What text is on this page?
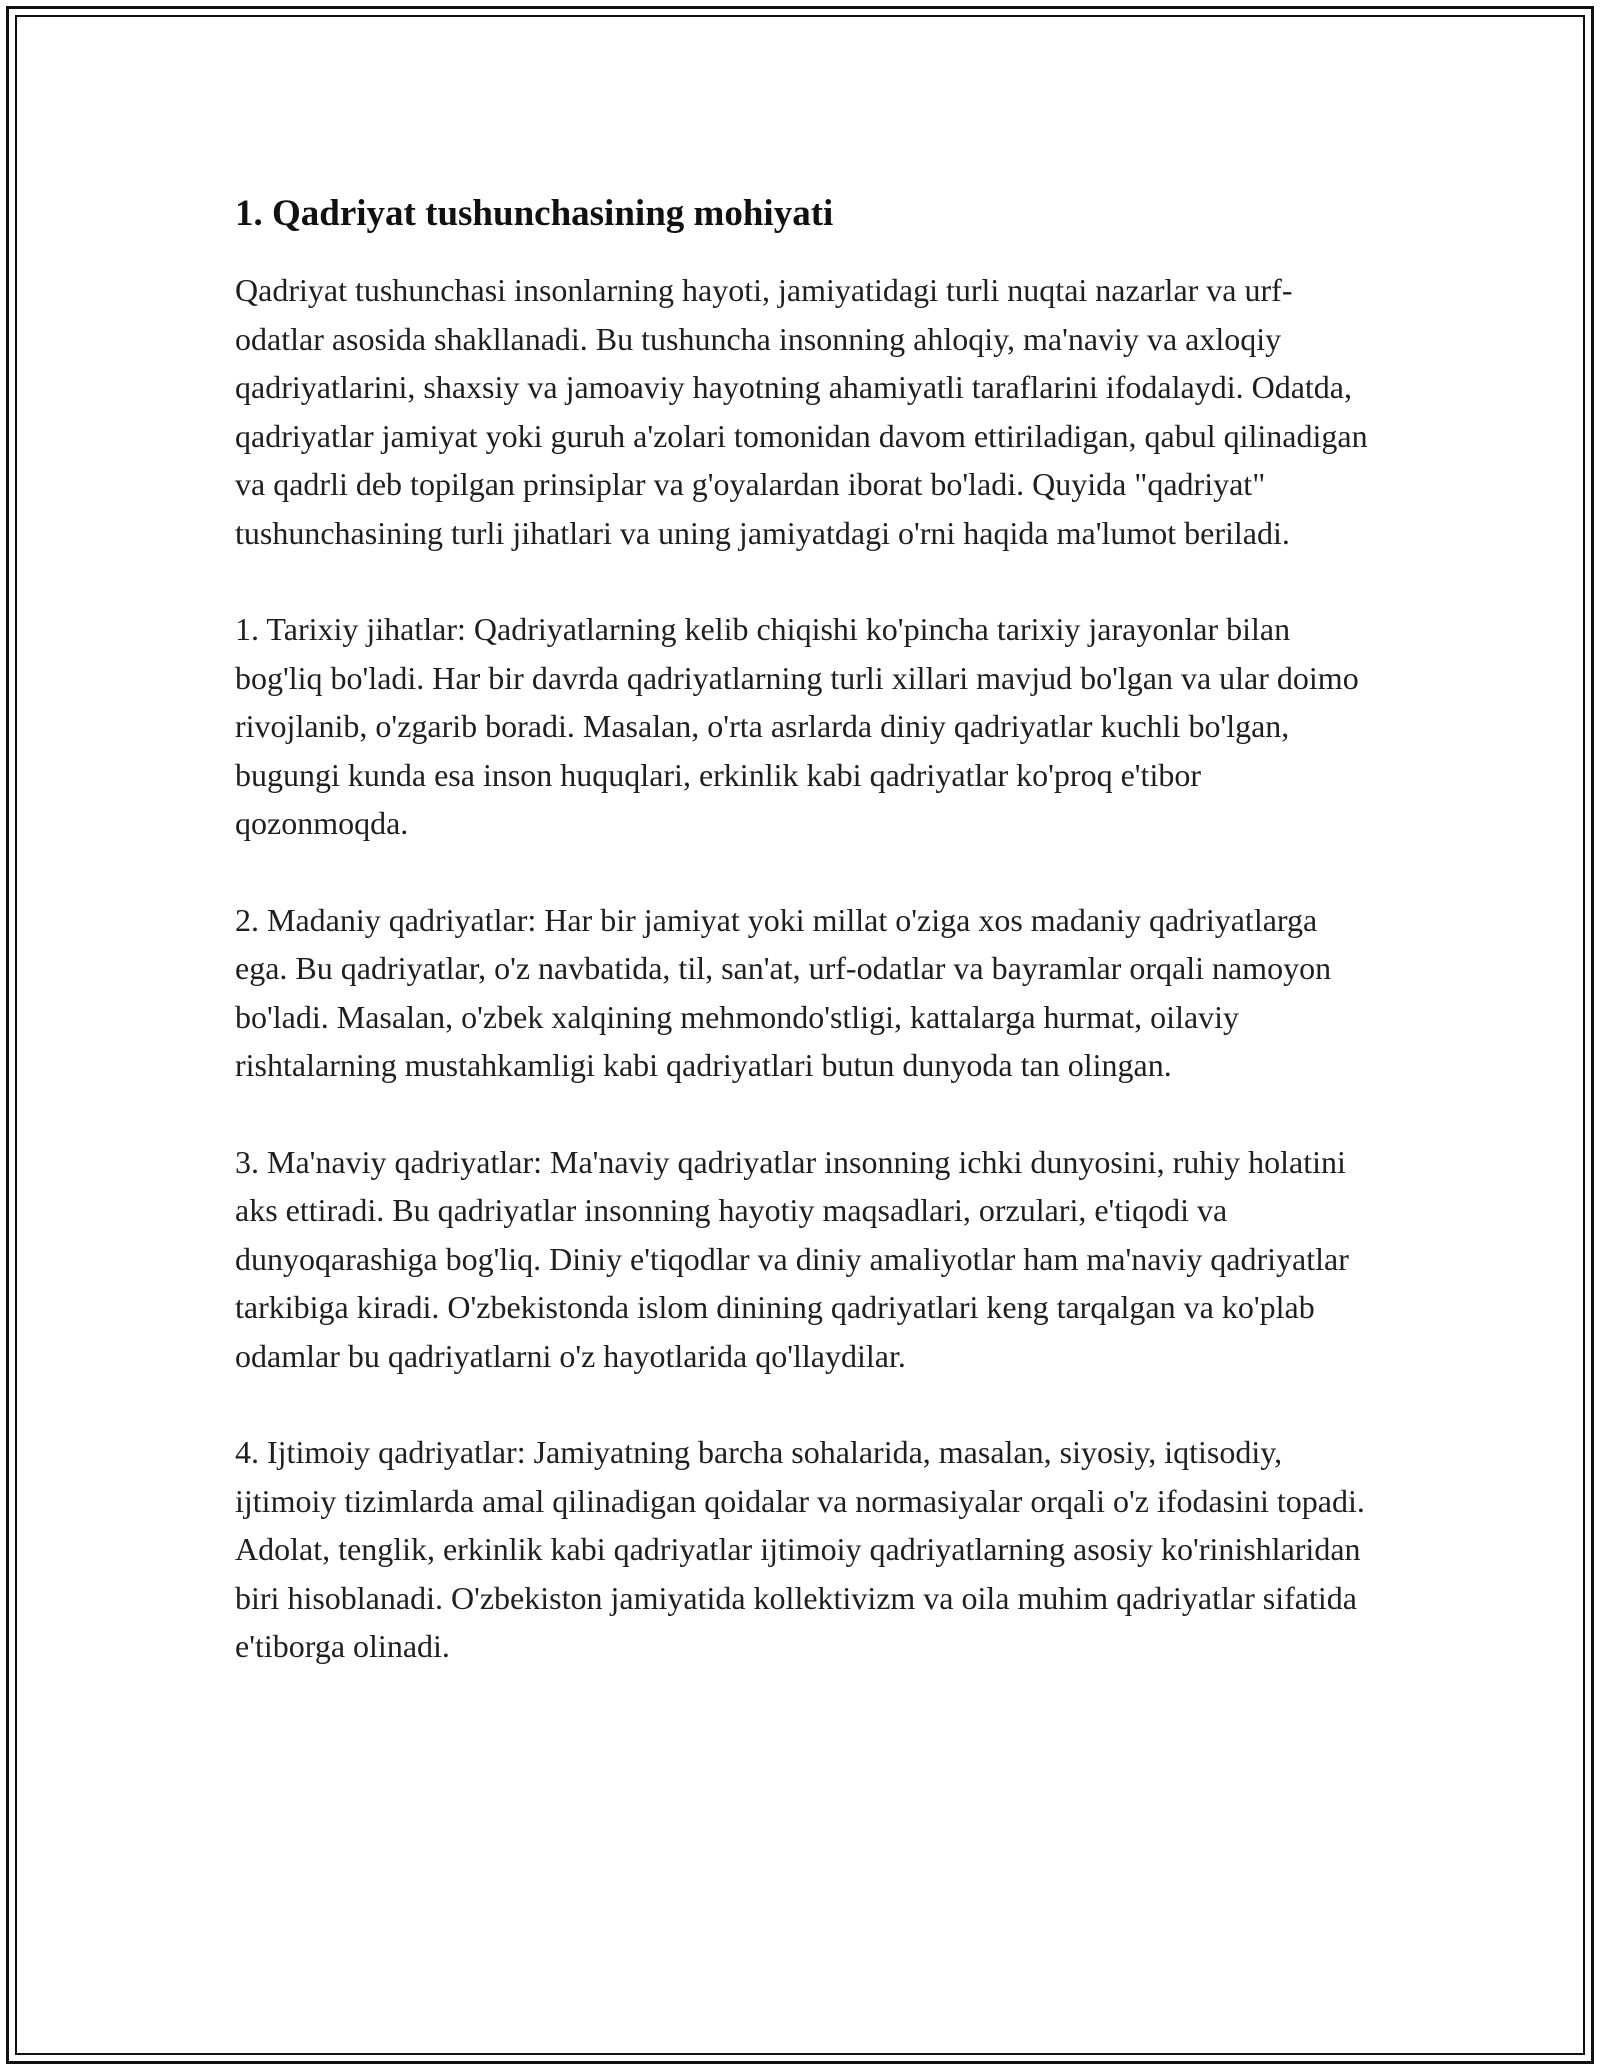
1. Qadriyat tushunchasining mohiyati

Qadriyat tushunchasi insonlarning hayoti, jamiyatidagi turli nuqtai nazarlar va urf-odatlar asosida shakllanadi. Bu tushuncha insonning ahloqiy, ma'naviy va axloqiy qadriyatlarini, shaxsiy va jamoaviy hayotning ahamiyatli taraflarini ifodalaydi. Odatda, qadriyatlar jamiyat yoki guruh a'zolari tomonidan davom ettiriladigan, qabul qilinadigan va qadrli deb topilgan prinsiplar va g'oyalardan iborat bo'ladi. Quyida "qadriyat" tushunchasining turli jihatlari va uning jamiyatdagi o'rni haqida ma'lumot beriladi.

1. Tarixiy jihatlar: Qadriyatlarning kelib chiqishi ko'pincha tarixiy jarayonlar bilan bog'liq bo'ladi. Har bir davrda qadriyatlarning turli xillari mavjud bo'lgan va ular doimo rivojlanib, o'zgarib boradi. Masalan, o'rta asrlarda diniy qadriyatlar kuchli bo'lgan, bugungi kunda esa inson huquqlari, erkinlik kabi qadriyatlar ko'proq e'tibor qozonmoqda.

2. Madaniy qadriyatlar: Har bir jamiyat yoki millat o'ziga xos madaniy qadriyatlarga ega. Bu qadriyatlar, o'z navbatida, til, san'at, urf-odatlar va bayramlar orqali namoyon bo'ladi. Masalan, o'zbek xalqining mehmondo'stligi, kattalarga hurmat, oilaviy rishtalarning mustahkamligi kabi qadriyatlari butun dunyoda tan olingan.

3. Ma'naviy qadriyatlar: Ma'naviy qadriyatlar insonning ichki dunyosini, ruhiy holatini aks ettiradi. Bu qadriyatlar insonning hayotiy maqsadlari, orzulari, e'tiqodi va dunyoqarashiga bog'liq. Diniy e'tiqodlar va diniy amaliyotlar ham ma'naviy qadriyatlar tarkibiga kiradi. O'zbekistonda islom dinining qadriyatlari keng tarqalgan va ko'plab odamlar bu qadriyatlarni o'z hayotlarida qo'llaydilar.

4. Ijtimoiy qadriyatlar: Jamiyatning barcha sohalarida, masalan, siyosiy, iqtisodiy, ijtimoiy tizimlarda amal qilinadigan qoidalar va normasiyalar orqali o'z ifodasini topadi. Adolat, tenglik, erkinlik kabi qadriyatlar ijtimoiy qadriyatlarning asosiy ko'rinishlaridan biri hisoblanadi. O'zbekiston jamiyatida kollektivizm va oila muhim qadriyatlar sifatida e'tiborga olinadi.
